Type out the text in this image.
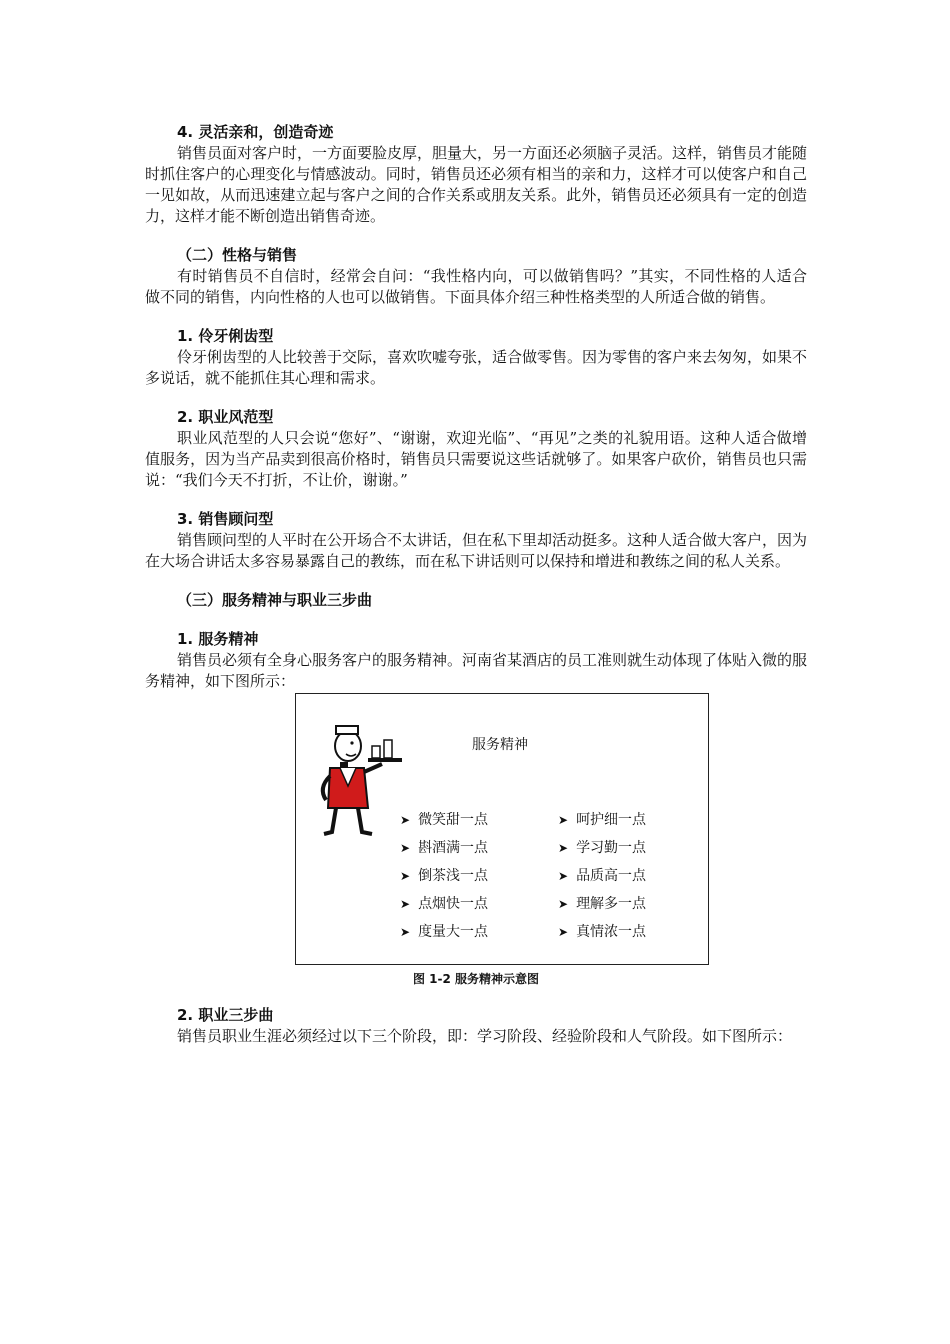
4. 灵活亲和，创造奇迹

销售员面对客户时，一方面要脸皮厚，胆量大，另一方面还必须脑子灵活。这样，销售员才能随时抓住客户的心理变化与情感波动。同时，销售员还必须有相当的亲和力，这样才可以使客户和自己一见如故，从而迅速建立起与客户之间的合作关系或朋友关系。此外，销售员还必须具有一定的创造力，这样才能不断创造出销售奇迹。

（二）性格与销售

有时销售员不自信时，经常会自问：“我性格内向，可以做销售吗？”其实，不同性格的人适合做不同的销售，内向性格的人也可以做销售。下面具体介绍三种性格类型的人所适合做的销售。

1. 伶牙俐齿型

伶牙俐齿型的人比较善于交际，喜欢吹嘘夸张，适合做零售。因为零售的客户来去匆匆，如果不多说话，就不能抓住其心理和需求。

2. 职业风范型

职业风范型的人只会说“您好”、“谢谢，欢迎光临”、“再见”之类的礼貌用语。这种人适合做增值服务，因为当产品卖到很高价格时，销售员只需要说这些话就够了。如果客户砍价，销售员也只需说：“我们今天不打折，不让价，谢谢。”

3. 销售顾问型

销售顾问型的人平时在公开场合不太讲话，但在私下里却活动挺多。这种人适合做大客户，因为在大场合讲话太多容易暴露自己的教练，而在私下讲话则可以保持和增进和教练之间的私人关系。

（三）服务精神与职业三步曲
1. 服务精神

销售员必须有全身心服务客户的服务精神。河南省某酒店的员工准则就生动体现了体贴入微的服务精神，如下图所示：

服务精神
➤ 微笑甜一点
➤ 斟酒满一点
➤ 倒茶浅一点
➤ 点烟快一点
➤ 度量大一点
➤ 呵护细一点
➤ 学习勤一点
➤ 品质高一点
➤ 理解多一点
➤ 真情浓一点

图 1-2 服务精神示意图

2. 职业三步曲

销售员职业生涯必须经过以下三个阶段，即：学习阶段、经验阶段和人气阶段。如下图所示：
